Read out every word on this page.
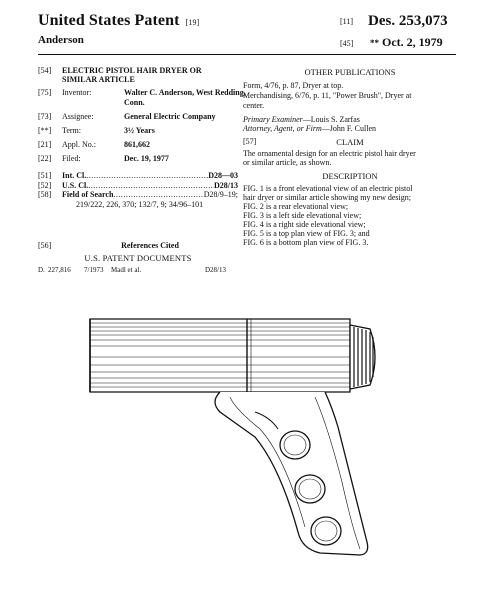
United States Patent [19]
Anderson
[11] Des. 253,073
[45] ** Oct. 2, 1979
[54] ELECTRIC PISTOL HAIR DRYER OR
SIMILAR ARTICLE
[75] Inventor:	Walter C. Anderson, West Redding,
Conn.
[73] Assignee:	General Electric Company
[**] Term:	3½ Years
[21] Appl. No.:	861,662
[22] Filed:	Dec. 19, 1977
[51] Int. Cl. .....	D28—03
[52] U.S. Cl. .....	D28/13
[58] Field of Search .....	D28/9–19;
219/222, 226, 370; 132/7, 9; 34/96–101
[56]	References Cited
U.S. PATENT DOCUMENTS
D. 227,816 7/1973 Madl et al.	D28/13
OTHER PUBLICATIONS
Form, 4/76, p. 87, Dryer at top.
Merchandising, 6/76, p. 11, "Power Brush", Dryer at
center.
Primary Examiner—Louis S. Zarfas
Attorney, Agent, or Firm—John F. Cullen
[57]	CLAIM
The ornamental design for an electric pistol hair dryer
or similar article, as shown.
DESCRIPTION
FIG. 1 is a front elevational view of an electric pistol
hair dryer or similar article showing my new design;
FIG. 2 is a rear elevational view;
FIG. 3 is a left side elevational view;
FIG. 4 is a right side elevational view;
FIG. 5 is a top plan view of FIG. 3; and
FIG. 6 is a bottom plan view of FIG. 3.
